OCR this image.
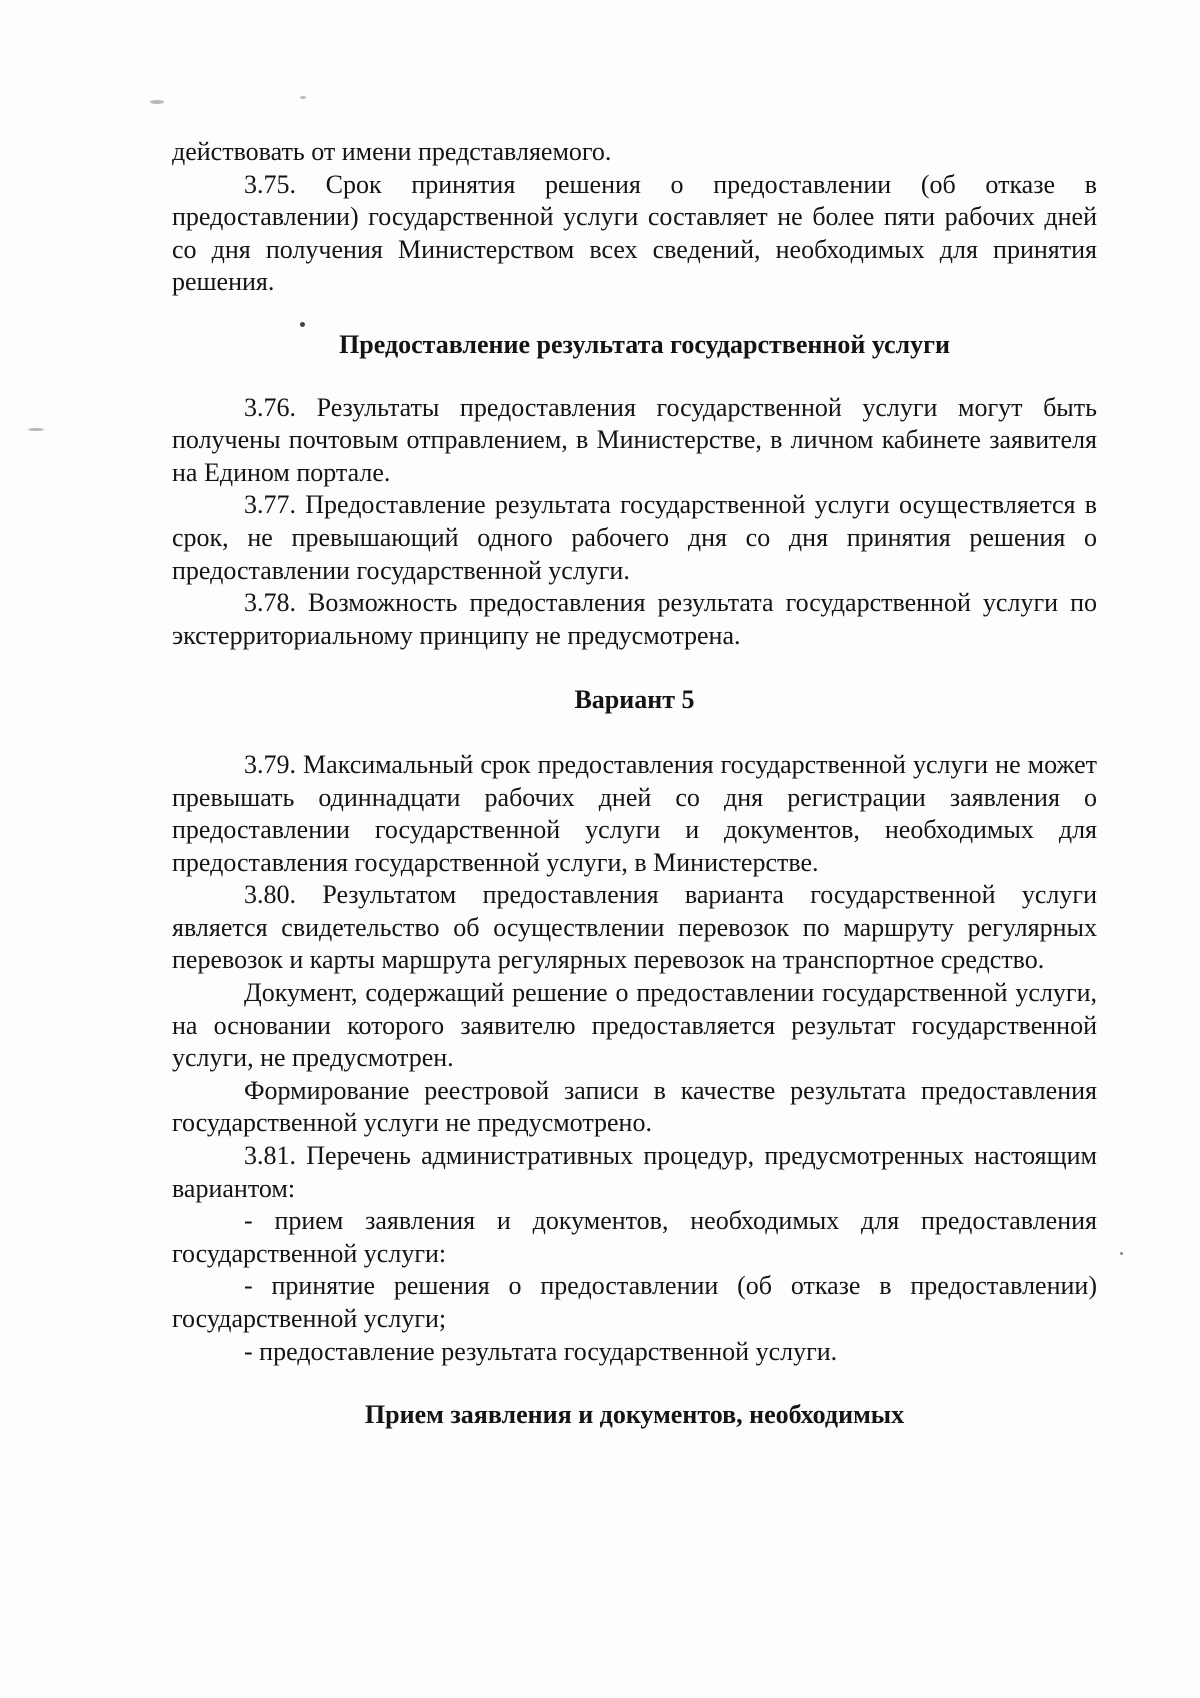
действовать от имени представляемого.

3.75. Срок принятия решения о предоставлении (об отказе в предоставлении) государственной услуги составляет не более пяти рабочих дней со дня получения Министерством всех сведений, необходимых для принятия решения.

Предоставление результата государственной услуги

3.76. Результаты предоставления государственной услуги могут быть получены почтовым отправлением, в Министерстве, в личном кабинете заявителя на Едином портале.

3.77. Предоставление результата государственной услуги осуществляется в срок, не превышающий одного рабочего дня со дня принятия решения о предоставлении государственной услуги.

3.78. Возможность предоставления результата государственной услуги по экстерриториальному принципу не предусмотрена.

Вариант 5

3.79. Максимальный срок предоставления государственной услуги не может превышать одиннадцати рабочих дней со дня регистрации заявления о предоставлении государственной услуги и документов, необходимых для предоставления государственной услуги, в Министерстве.

3.80. Результатом предоставления варианта государственной услуги является свидетельство об осуществлении перевозок по маршруту регулярных перевозок и карты маршрута регулярных перевозок на транспортное средство.

Документ, содержащий решение о предоставлении государственной услуги, на основании которого заявителю предоставляется результат государственной услуги, не предусмотрен.

Формирование реестровой записи в качестве результата предоставления государственной услуги не предусмотрено.

3.81. Перечень административных процедур, предусмотренных настоящим вариантом:

- прием заявления и документов, необходимых для предоставления государственной услуги:

- принятие решения о предоставлении (об отказе в предоставлении) государственной услуги;

- предоставление результата государственной услуги.

Прием заявления и документов, необходимых
